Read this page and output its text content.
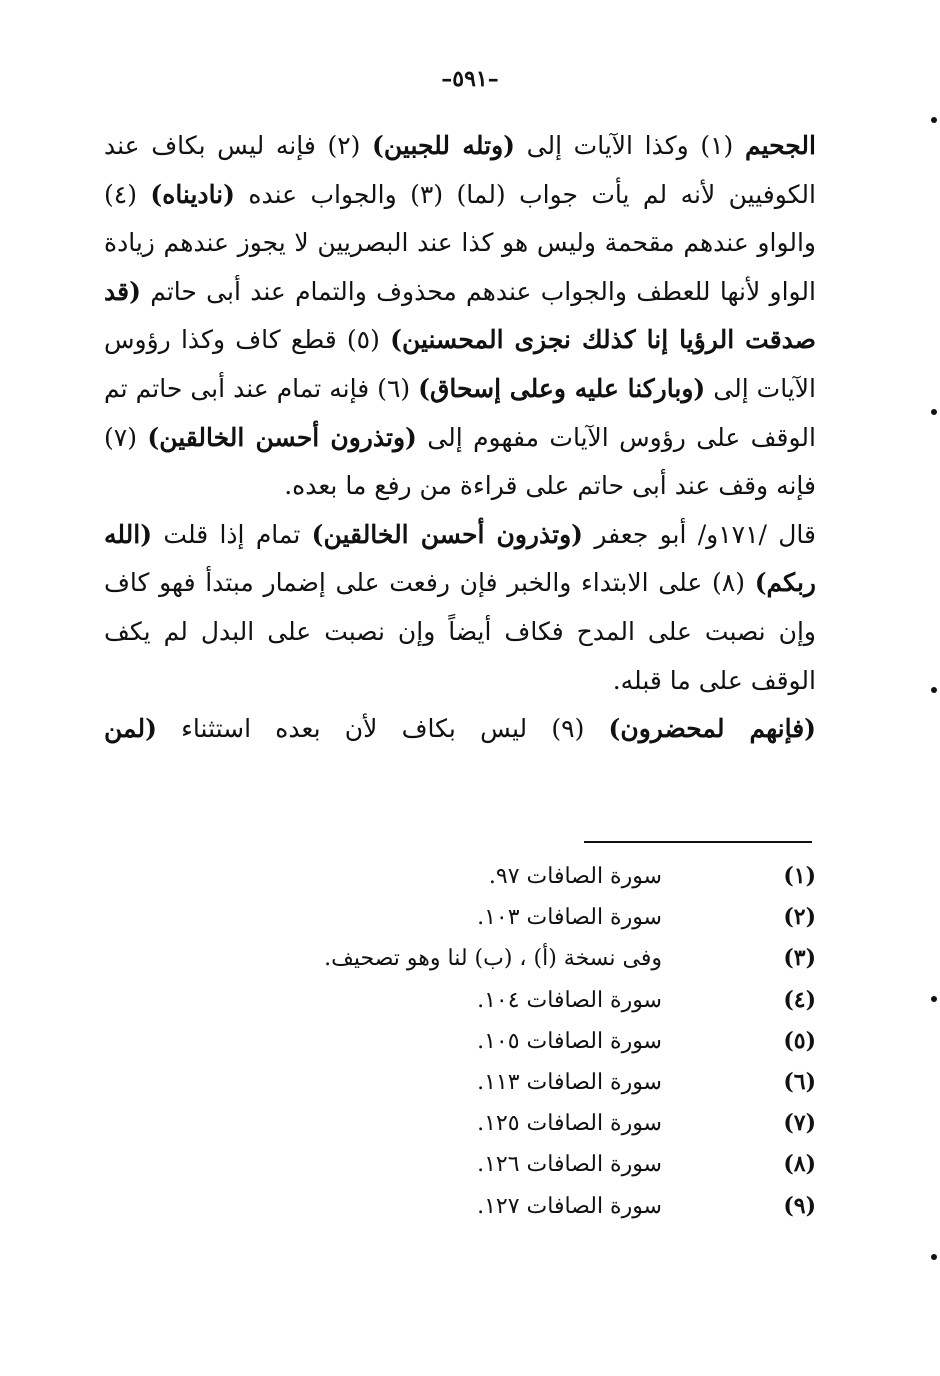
–٥٩١–

الجحيم (١) وكذا الآيات إلى (وتله للجبين) (٢) فإنه ليس بكاف عند الكوفيين لأنه لم يأت جواب (لما) (٣) والجواب عنده (ناديناه) (٤) والواو عندهم مقحمة وليس هو كذا عند البصريين لا يجوز عندهم زيادة الواو لأنها للعطف والجواب عندهم محذوف والتمام عند أبى حاتم (قد صدقت الرؤيا إنا كذلك نجزى المحسنين) (٥) قطع كاف وكذا رؤوس الآيات إلى (وباركنا عليه وعلى إسحاق) (٦) فإنه تمام عند أبى حاتم تم الوقف على رؤوس الآيات مفهوم إلى (وتذرون أحسن الخالقين) (٧) فإنه وقف عند أبى حاتم على قراءة من رفع ما بعده.

قال /١٧١و/ أبو جعفر (وتذرون أحسن الخالقين) تمام إذا قلت (الله ربكم) (٨) على الابتداء والخبر فإن رفعت على إضمار مبتدأ فهو كاف وإن نصبت على المدح فكاف أيضاً وإن نصبت على البدل لم يكف الوقف على ما قبله.

(فإنهم لمحضرون) (٩) ليس بكاف لأن بعده استثناء (لمن

(١)
سورة الصافات ٩٧.
(٢)
سورة الصافات ١٠٣.
(٣)
وفى نسخة (أ) ، (ب) لنا وهو تصحيف.
(٤)
سورة الصافات ١٠٤.
(٥)
سورة الصافات ١٠٥.
(٦)
سورة الصافات ١١٣.
(٧)
سورة الصافات ١٢٥.
(٨)
سورة الصافات ١٢٦.
(٩)
سورة الصافات ١٢٧.
